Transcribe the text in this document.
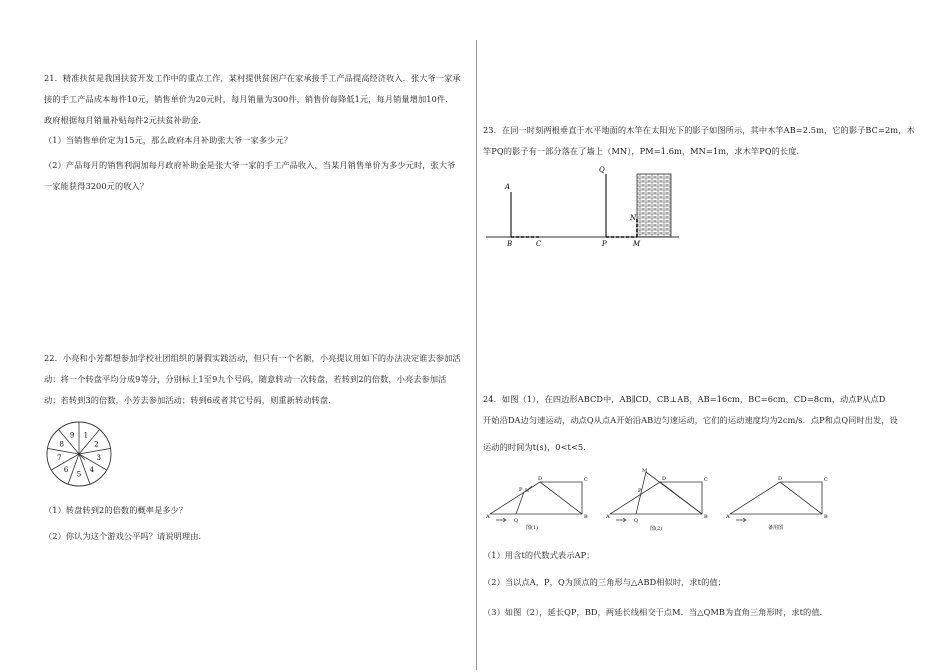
21．精准扶贫是我国扶贫开发工作中的重点工作，某村提供贫困户在家承接手工产品提高经济收入．张大爷一家承
接的手工产品成本每件10元，销售单价为20元时，每月销量为300件，销售价每降低1元，每月销量增加10件．
政府根据每月销量补贴每件2元扶贫补助金．
（1）当销售单价定为15元，那么政府本月补助张大爷一家多少元？
（2）产品每月的销售利润加每月政府补助金是张大爷一家的手工产品收入，当某月销售单价为多少元时，张大爷
一家能获得3200元的收入？
22．小亮和小芳都想参加学校社团组织的暑假实践活动，但只有一个名额，小亮提议用如下的办法决定谁去参加活
动：将一个转盘平均分成9等分，分别标上1至9九个号码，随意转动一次转盘，若转到2的倍数，小亮去参加活
动；若转到3的倍数，小芳去参加活动；转到6或者其它号码，则重新转动转盘．
1
2
3
4
5
6
7
8
9
（1）转盘转到2的倍数的概率是多少？
（2）你认为这个游戏公平吗？请说明理由．
23．在同一时刻两根垂直于水平地面的木竿在太阳光下的影子如图所示，其中木竿AB=2.5m，它的影子BC=2m，木
竿PQ的影子有一部分落在了墙上（MN），PM=1.6m，MN=1m，求木竿PQ的长度．
A
B	C
Q
P	M
N
24．如图（1），在四边形ABCD中，AB∥CD，CB⊥AB，AB=16cm，BC=6cm，CD=8cm，动点P从点D
开始沿DA边匀速运动，动点Q从点A开始沿AB边匀速运动，它们的运动速度均为2cm/s．点P和点Q同时出发，设
运动的时间为t(s)，0<t<5．
A	B
C
D
P
Q
图(1)
A	B
C
D
P
Q
M
图(2)
A	B
C
D
备用图
（1）用含t的代数式表示AP；
（2）当以点A，P，Q为顶点的三角形与△ABD相似时，求t的值；
（3）如图（2），延长QP，BD，两延长线相交于点M．当△QMB为直角三角形时，求t的值．
